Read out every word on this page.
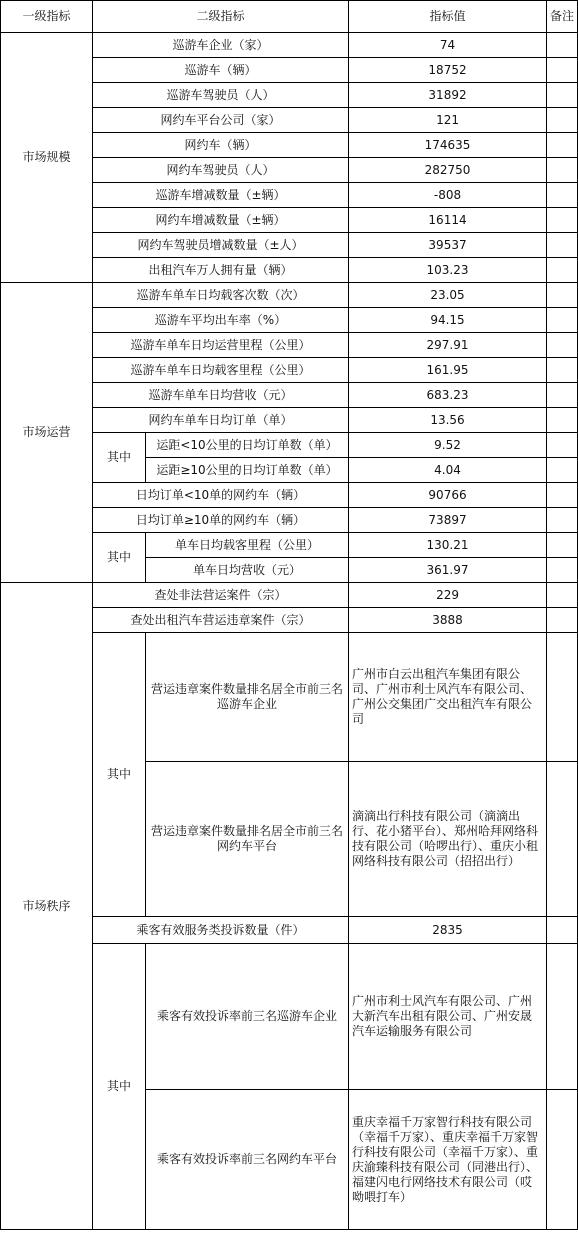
一级指标	二级指标		指标值	备注
市场规模	巡游车企业（家）		74	
	巡游车（辆）		18752	
	巡游车驾驶员（人）		31892	
	网约车平台公司（家）		121	
	网约车（辆）		174635	
	网约车驾驶员（人）		282750	
	巡游车增减数量（±辆）		-808	
	网约车增减数量（±辆）		16114	
	网约车驾驶员增减数量（±人）		39537	
	出租汽车万人拥有量（辆）		103.23	
市场运营	巡游车单车日均载客次数（次）		23.05	
	巡游车平均出车率（%）		94.15	
	巡游车单车日均运营里程（公里）		297.91	
	巡游车单车日均载客里程（公里）		161.95	
	巡游车单车日均营收（元）		683.23	
	网约车单车日均订单（单）		13.56	
	其中	运距<10公里的日均订单数（单）	9.52	
		运距≥10公里的日均订单数（单）	4.04	
	日均订单<10单的网约车（辆）		90766	
	日均订单≥10单的网约车（辆）		73897	
	其中	单车日均载客里程（公里）	130.21	
		单车日均营收（元）	361.97	
市场秩序	查处非法营运案件（宗）		229	
	查处出租汽车营运违章案件（宗）		3888	
	其中	营运违章案件数量排名居全市前三名巡游车企业	广州市白云出租汽车集团有限公司、广州市利士风汽车有限公司、广州公交集团广交出租汽车有限公司	
		营运违章案件数量排名居全市前三名网约车平台	滴滴出行科技有限公司（滴滴出行、花小猪平台）、郑州哈拜网络科技有限公司（哈啰出行）、重庆小租网络科技有限公司（招招出行）	
	乘客有效服务类投诉数量（件）		2835	
	其中	乘客有效投诉率前三名巡游车企业	广州市利士风汽车有限公司、广州大新汽车出租有限公司、广州安晟汽车运输服务有限公司	
		乘客有效投诉率前三名网约车平台	重庆幸福千万家智行科技有限公司（幸福千万家）、重庆幸福千万家智行科技有限公司（幸福千万家）、重庆渝臻科技有限公司（同港出行）、福建闪电行网络技术有限公司（哎呦喂打车）	
